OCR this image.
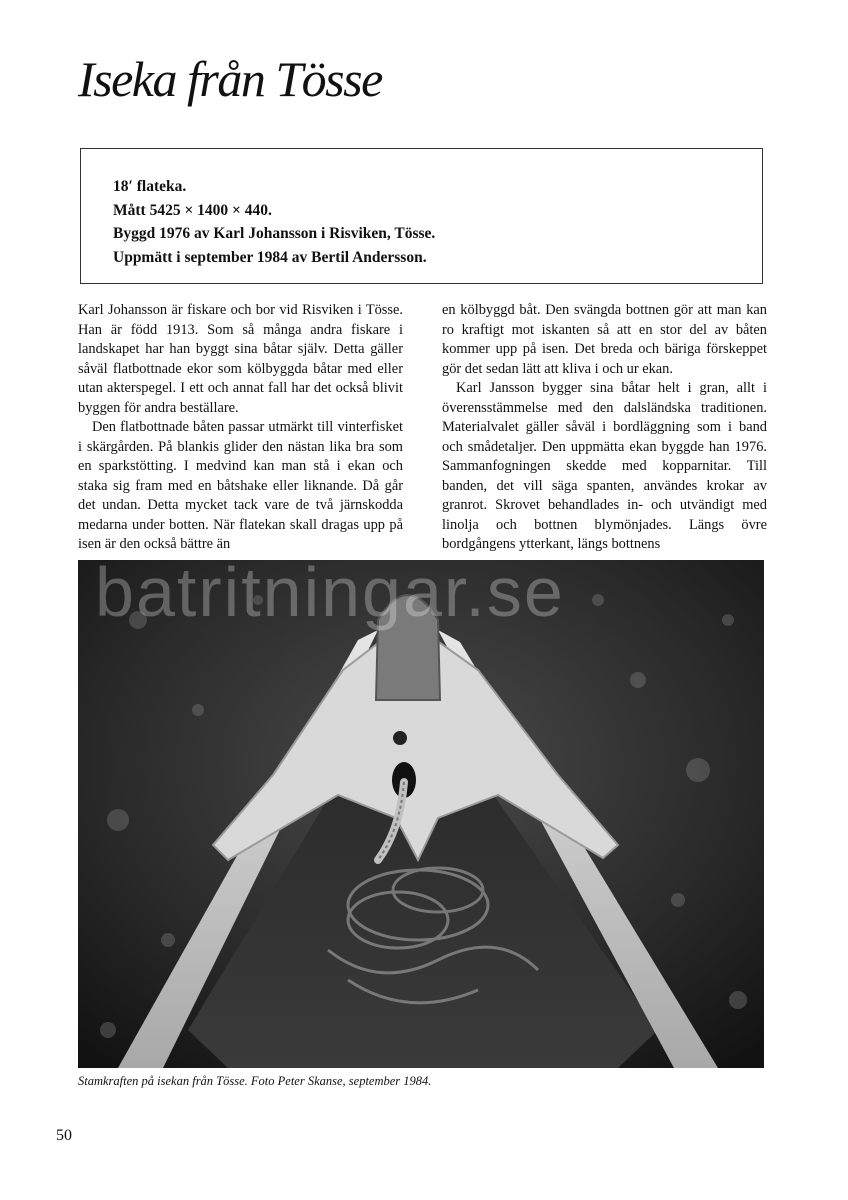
Iseka från Tösse
18′ flateka.
Mått 5425 × 1400 × 440.
Byggd 1976 av Karl Johansson i Risviken, Tösse.
Uppmätt i september 1984 av Bertil Andersson.

Karl Johansson är fiskare och bor vid Risviken i Tösse. Han är född 1913. Som så många andra fiskare i landskapet har han byggt sina båtar själv. Detta gäller såväl flatbottnade ekor som kölbyggda båtar med eller utan akterspegel. I ett och annat fall har det också blivit byggen för andra beställare.

Den flatbottnade båten passar utmärkt till vinterfisket i skärgården. På blankis glider den nästan lika bra som en sparkstötting. I medvind kan man stå i ekan och staka sig fram med en båtshake eller liknande. Då går det undan. Detta mycket tack vare de två järnskodda medarna under botten. När flatekan skall dragas upp på isen är den också bättre än

en kölbyggd båt. Den svängda bottnen gör att man kan ro kraftigt mot iskanten så att en stor del av båten kommer upp på isen. Det breda och bäriga förskeppet gör det sedan lätt att kliva i och ur ekan.

Karl Jansson bygger sina båtar helt i gran, allt i överensstämmelse med den dalsländska traditionen. Materialvalet gäller såväl i bordläggning som i band och smådetaljer. Den uppmätta ekan byggde han 1976. Sammanfogningen skedde med kopparnitar. Till banden, det vill säga spanten, användes krokar av granrot. Skrovet behandlades in- och utvändigt med linolja och bottnen blymönjades. Längs övre bordgångens ytterkant, längs bottnens

© batritningar.se
Stamkraften på isekan från Tösse. Foto Peter Skanse, september 1984.
50
